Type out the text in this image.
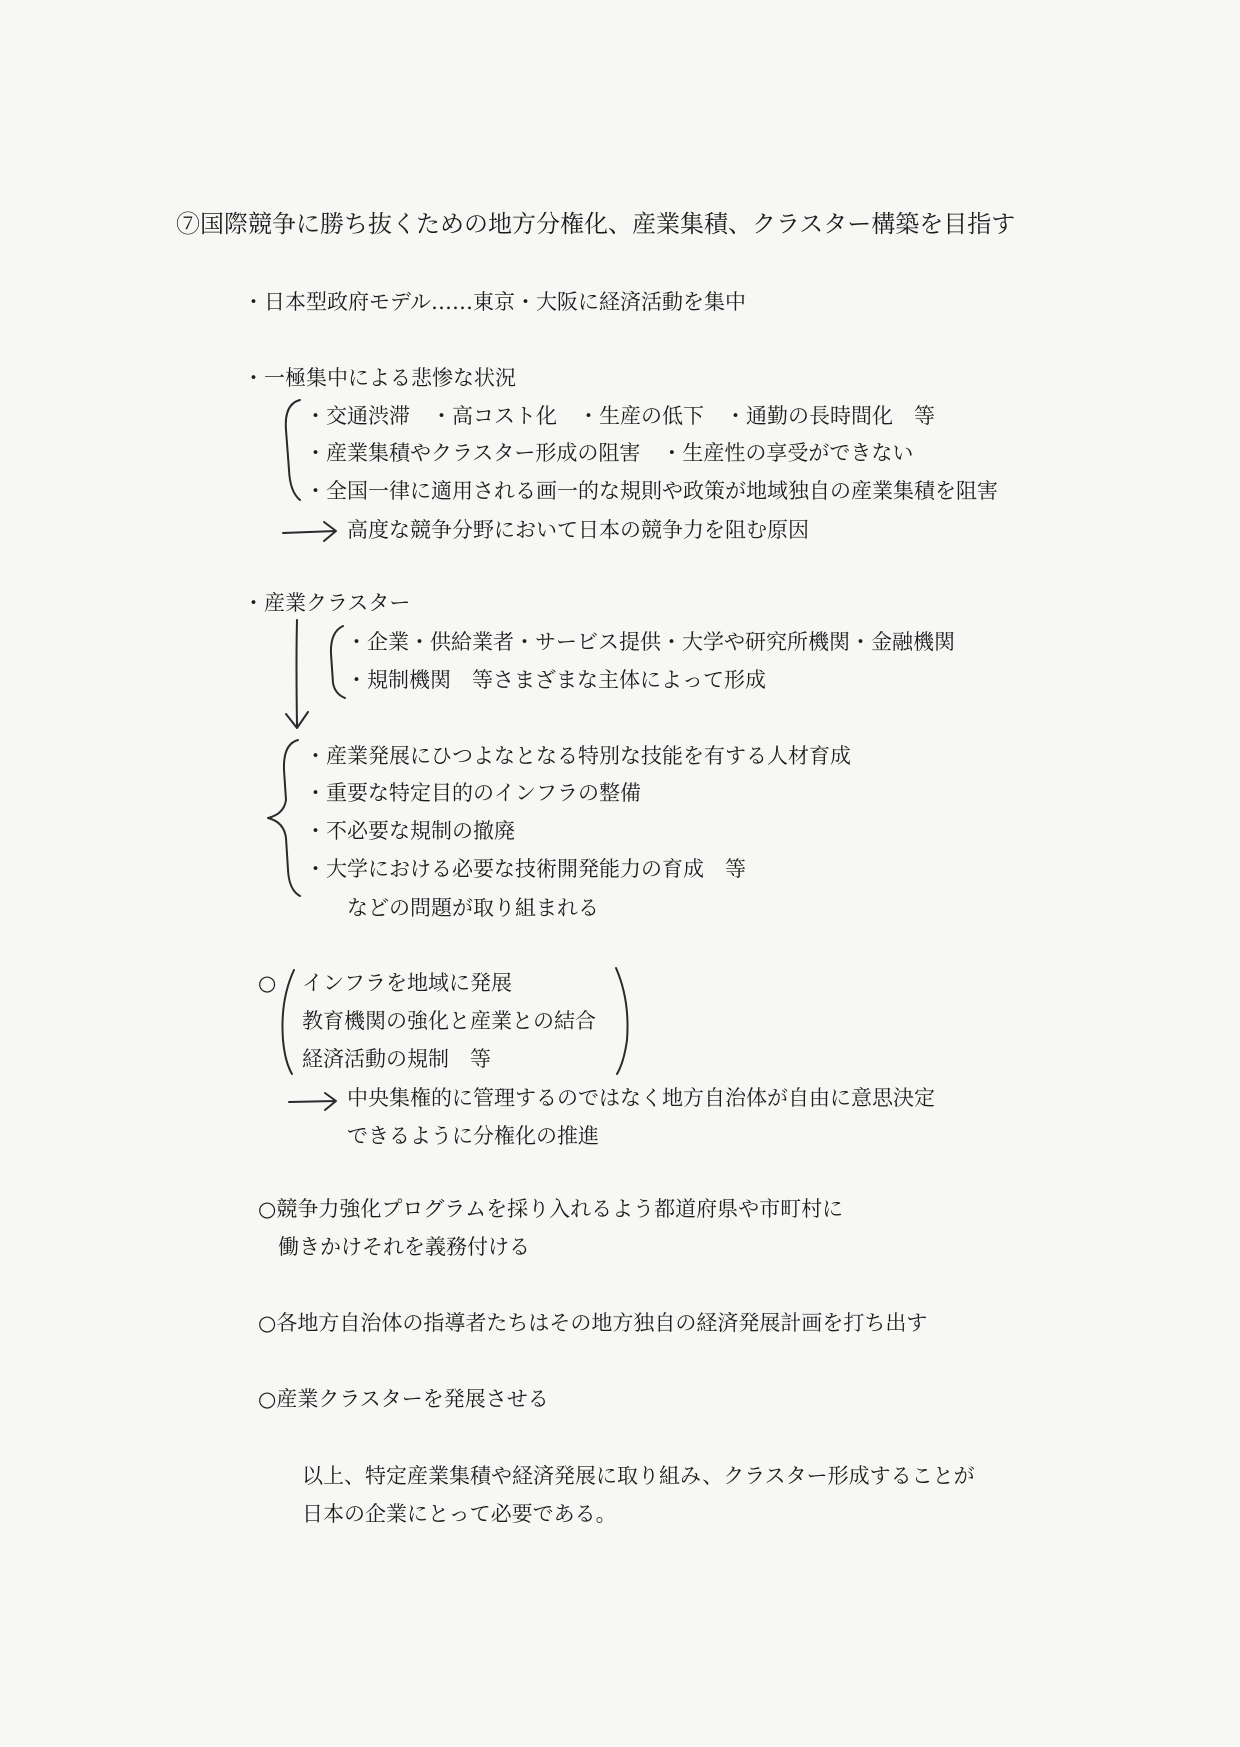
⑦国際競争に勝ち抜くための地方分権化、産業集積、クラスター構築を目指す
・日本型政府モデル……東京・大阪に経済活動を集中
・一極集中による悲惨な状況
・交通渋滞　・高コスト化　・生産の低下　・通勤の長時間化　等
・産業集積やクラスター形成の阻害　・生産性の享受ができない
・全国一律に適用される画一的な規則や政策が地域独自の産業集積を阻害
高度な競争分野において日本の競争力を阻む原因
・産業クラスター
・企業・供給業者・サービス提供・大学や研究所機関・金融機関
・規制機関　等さまざまな主体によって形成
・産業発展にひつよなとなる特別な技能を有する人材育成
・重要な特定目的のインフラの整備
・不必要な規制の撤廃
・大学における必要な技術開発能力の育成　等
などの問題が取り組まれる
○ インフラを地域に発展
教育機関の強化と産業との結合
経済活動の規制　等
中央集権的に管理するのではなく地方自治体が自由に意思決定
できるように分権化の推進
○競争力強化プログラムを採り入れるよう都道府県や市町村に
働きかけそれを義務付ける
○各地方自治体の指導者たちはその地方独自の経済発展計画を打ち出す
○産業クラスターを発展させる
以上、特定産業集積や経済発展に取り組み、クラスター形成することが
日本の企業にとって必要である。
